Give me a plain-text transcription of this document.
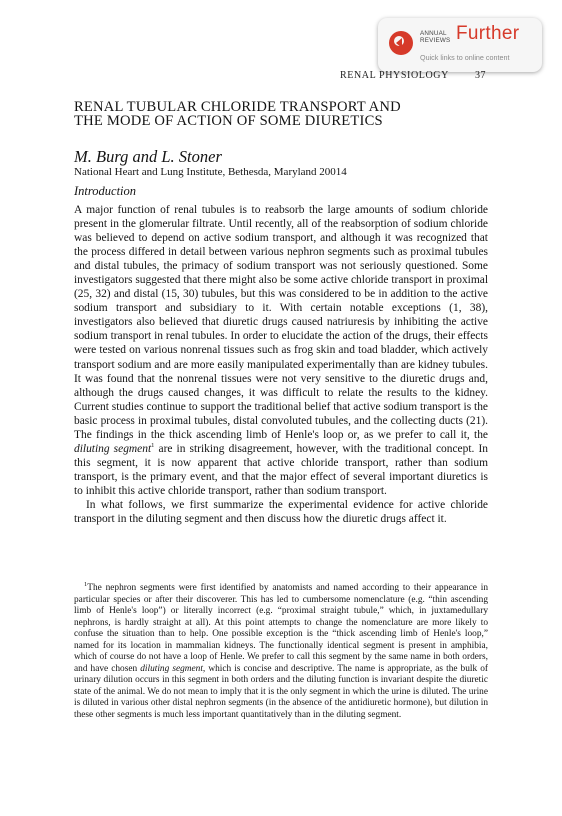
ANNUAL
REVIEWS Further
Quick links to online content
RENAL PHYSIOLOGY	37
RENAL TUBULAR CHLORIDE TRANSPORT AND
THE MODE OF ACTION OF SOME DIURETICS
M. Burg and L. Stoner
National Heart and Lung Institute, Bethesda, Maryland 20014
Introduction

A major function of renal tubules is to reabsorb the large amounts of sodium chloride present in the glomerular filtrate. Until recently, all of the reabsorption of sodium chloride was believed to depend on active sodium transport, and although it was recognized that the process differed in detail between various nephron segments such as proximal tubules and distal tubules, the primacy of sodium transport was not seriously questioned. Some investigators suggested that there might also be some active chloride transport in proximal (25, 32) and distal (15, 30) tubules, but this was considered to be in addition to the active sodium transport and subsidiary to it. With certain notable exceptions (1, 38), investigators also believed that diuretic drugs caused natriuresis by inhibiting the active sodium transport in renal tubules. In order to elucidate the action of the drugs, their effects were tested on various nonrenal tissues such as frog skin and toad bladder, which actively transport sodium and are more easily manipulated experimentally than are kidney tubules. It was found that the nonrenal tissues were not very sensitive to the diuretic drugs and, although the drugs caused changes, it was difficult to relate the results to the kidney. Current studies continue to support the traditional belief that active sodium transport is the basic process in proximal tubules, distal convoluted tubules, and the collecting ducts (21). The findings in the thick ascending limb of Henle's loop or, as we prefer to call it, the diluting segment$^1$ are in striking disagreement, however, with the traditional concept. In this segment, it is now apparent that active chloride transport, rather than sodium transport, is the primary event, and that the major effect of several important diuretics is to inhibit this active chloride transport, rather than sodium transport.

In what follows, we first summarize the experimental evidence for active chloride transport in the diluting segment and then discuss how the diuretic drugs affect it.

$^1$The nephron segments were first identified by anatomists and named according to their appearance in particular species or after their discoverer. This has led to cumbersome nomenclature (e.g. “thin ascending limb of Henle's loop”) or literally incorrect (e.g. “proximal straight tubule,” which, in juxtamedullary nephrons, is hardly straight at all). At this point attempts to change the nomenclature are more likely to confuse the situation than to help. One possible exception is the “thick ascending limb of Henle's loop,” named for its location in mammalian kidneys. The functionally identical segment is present in amphibia, which of course do not have a loop of Henle. We prefer to call this segment by the same name in both orders, and have chosen diluting segment, which is concise and descriptive. The name is appropriate, as the bulk of urinary dilution occurs in this segment in both orders and the diluting function is invariant despite the diuretic state of the animal. We do not mean to imply that it is the only segment in which the urine is diluted. The urine is diluted in various other distal nephron segments (in the absence of the antidiuretic hormone), but dilution in these other segments is much less important quantitatively than in the diluting segment.
